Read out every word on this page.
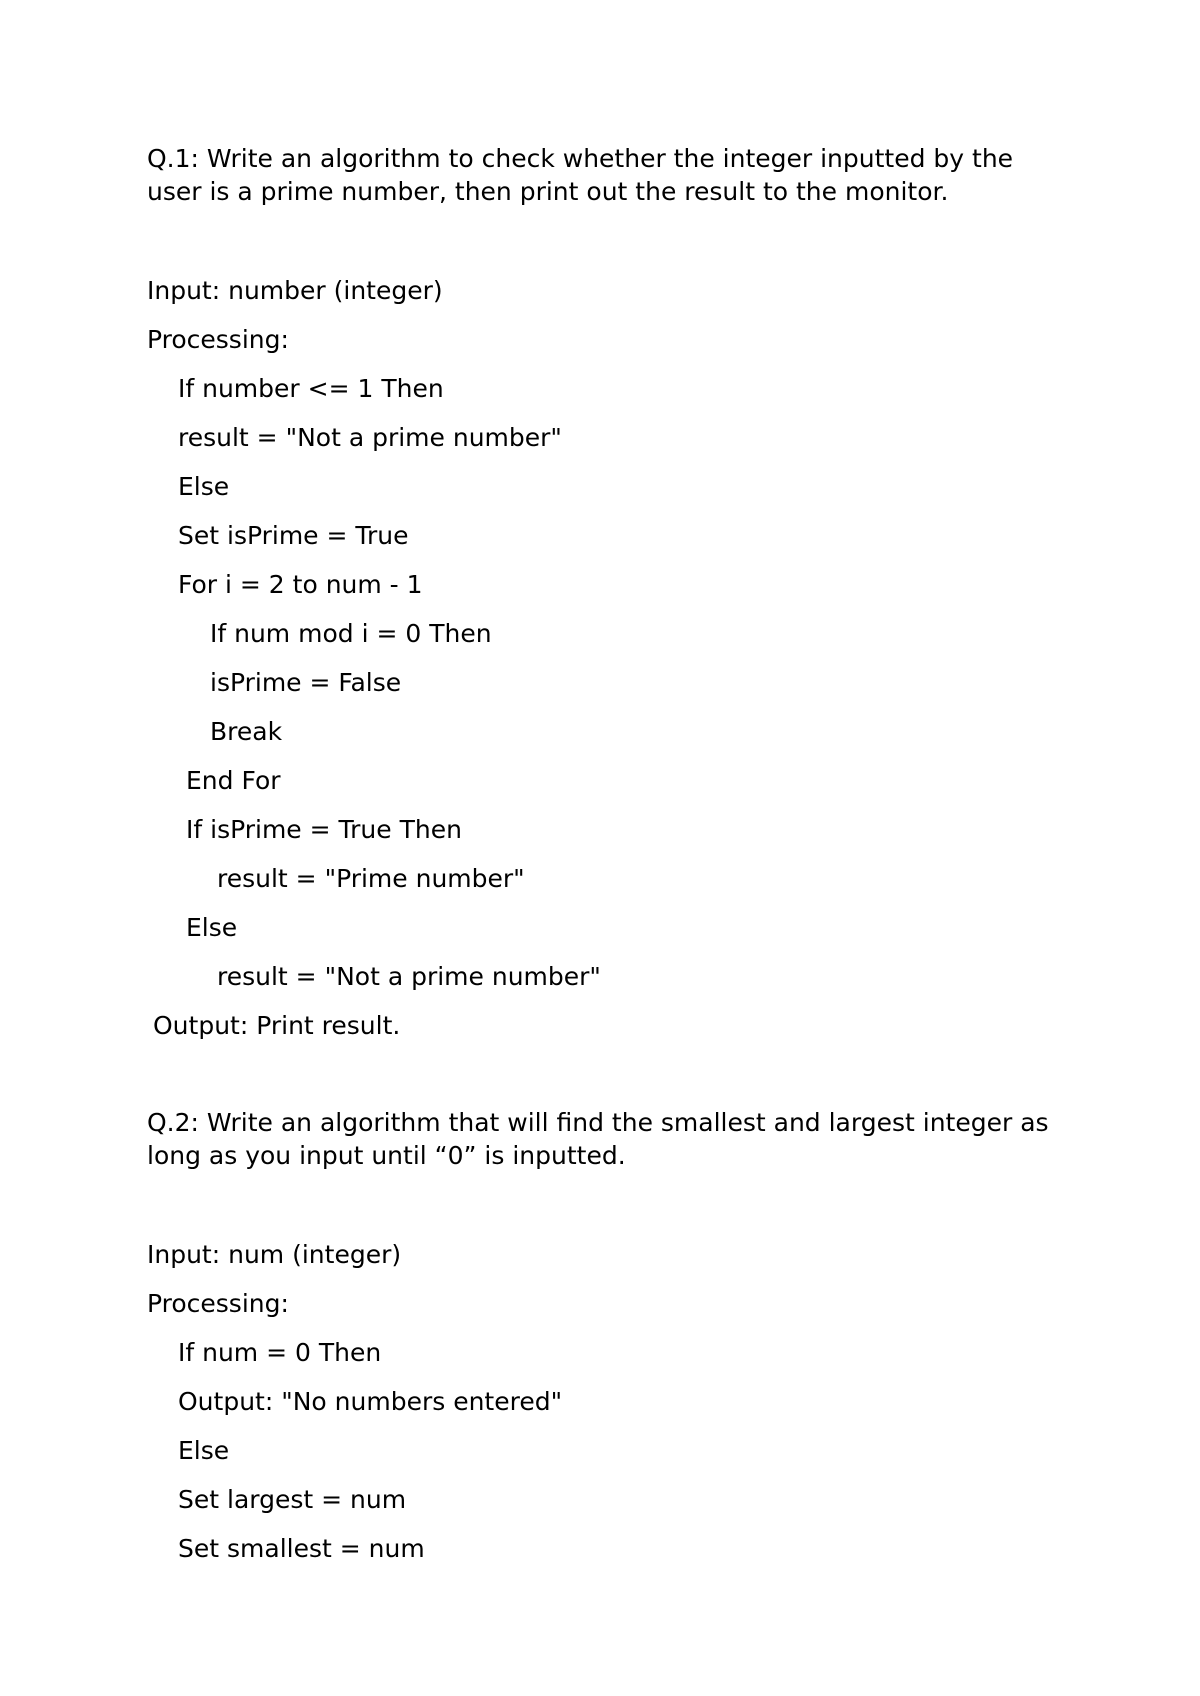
Q.1: Write an algorithm to check whether the integer inputted by the user is a prime number, then print out the result to the monitor.

Input: number (integer)

Processing:

If number <= 1 Then

result = "Not a prime number"

Else

Set isPrime = True

For i = 2 to num - 1

If num mod i = 0 Then

isPrime = False

Break

End For

If isPrime = True Then

result = "Prime number"

Else

result = "Not a prime number"

Output: Print result.

Q.2: Write an algorithm that will find the smallest and largest integer as long as you input until “0” is inputted.

Input: num (integer)

Processing:

If num = 0 Then

Output: "No numbers entered"

Else

Set largest = num

Set smallest = num
